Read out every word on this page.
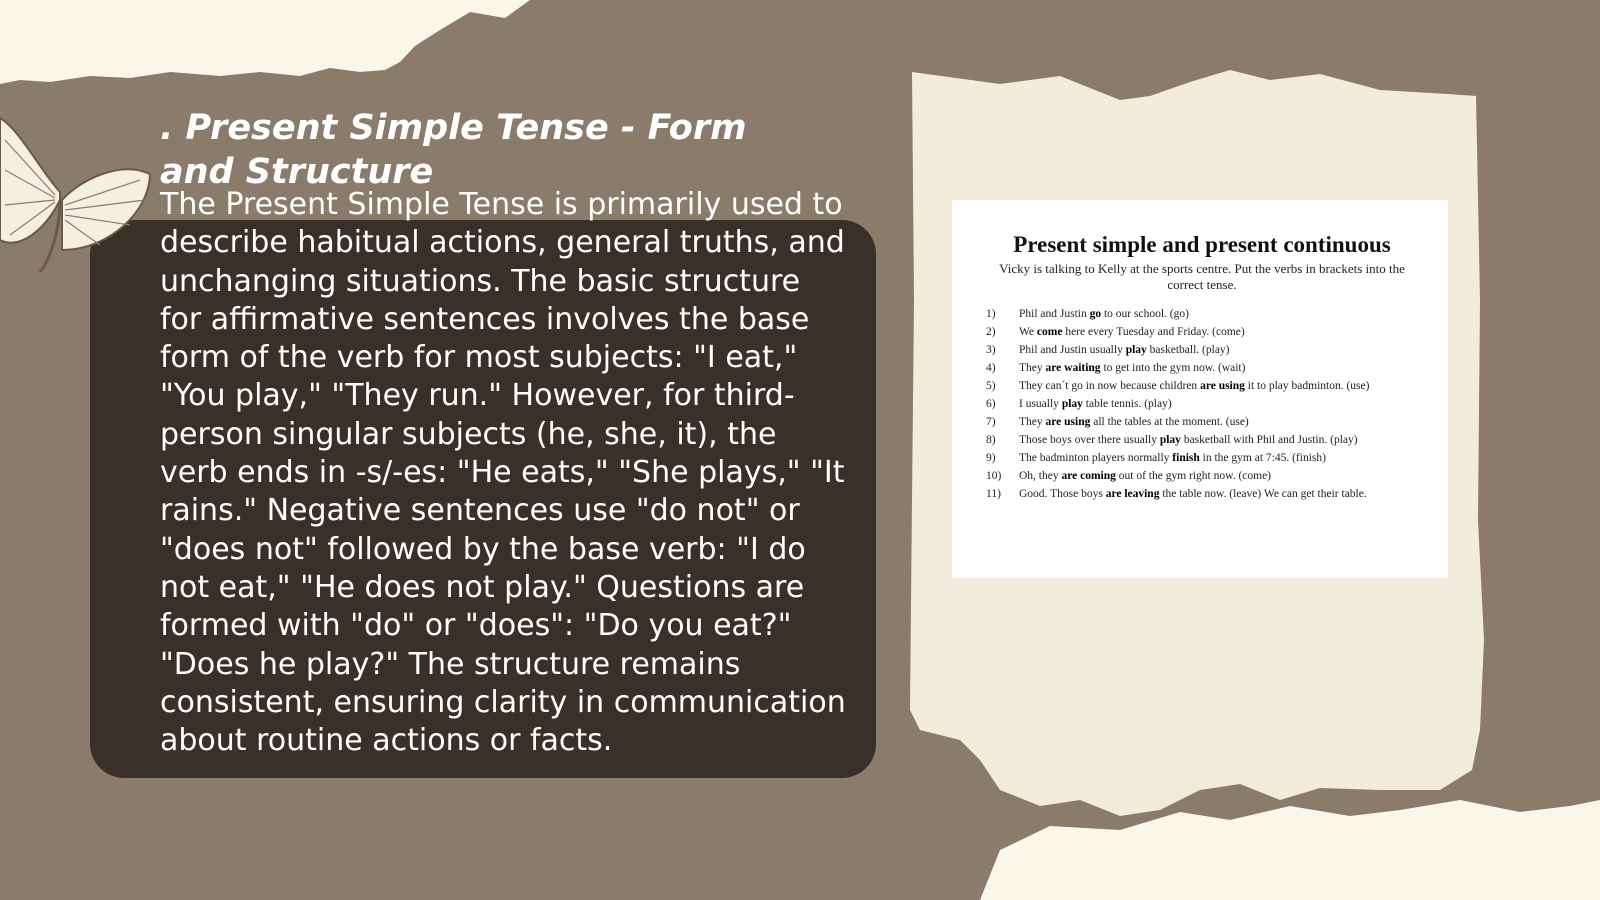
. Present Simple Tense - Form and Structure

The Present Simple Tense is primarily used to describe habitual actions, general truths, and unchanging situations. The basic structure for affirmative sentences involves the base form of the verb for most subjects: "I eat," "You play," "They run." However, for third-person singular subjects (he, she, it), the verb ends in -s/-es: "He eats," "She plays," "It rains." Negative sentences use "do not" or "does not" followed by the base verb: "I do not eat," "He does not play." Questions are formed with "do" or "does": "Do you eat?" "Does he play?" The structure remains consistent, ensuring clarity in communication about routine actions or facts.

Present simple and present continuous
Vicky is talking to Kelly at the sports centre. Put the verbs in brackets into the correct tense.
1)	Phil and Justin go to our school. (go)
2)	We come here every Tuesday and Friday. (come)
3)	Phil and Justin usually play basketball. (play)
4)	They are waiting to get into the gym now. (wait)
5)	They can´t go in now because children are using it to play badminton. (use)
6)	I usually play table tennis. (play)
7)	They are using all the tables at the moment. (use)
8)	Those boys over there usually play basketball with Phil and Justin. (play)
9)	The badminton players normally finish in the gym at 7:45. (finish)
10)	Oh, they are coming out of the gym right now. (come)
11)	Good. Those boys are leaving the table now. (leave) We can get their table.
